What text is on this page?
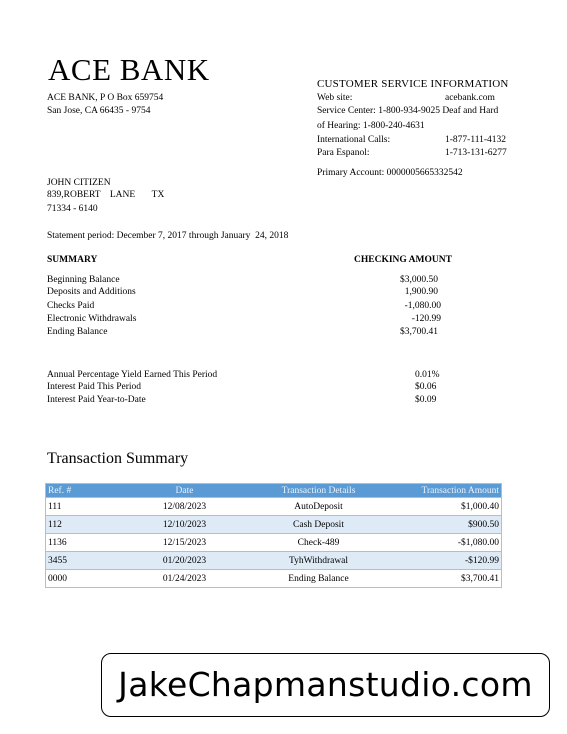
ACE BANK
ACE BANK, P O Box 659754
San Jose, CA 66435 - 9754
CUSTOMER SERVICE INFORMATION
Web site:	acebank.com
Service Center: 1-800-934-9025 Deaf and Hard
of Hearing: 1-800-240-4631
International Calls:	1-877-111-4132
Para Espanol:	1-713-131-6277
Primary Account: 0000005665332542
JOHN CITIZEN
839,ROBERT    LANE       TX
71334 - 6140
Statement period: December 7, 2017 through January  24, 2018
SUMMARY	CHECKING AMOUNT
Beginning Balance	$3,000.50
Deposits and Additions	1,900.90
Checks Paid	-1,080.00
Electronic Withdrawals	-120.99
Ending Balance	$3,700.41
Annual Percentage Yield Earned This Period	0.01%
Interest Paid This Period	$0.06
Interest Paid Year-to-Date	$0.09
Transaction Summary
Ref. #	Date	Transaction Details	Transaction Amount
111	12/08/2023	AutoDeposit	$1,000.40
112	12/10/2023	Cash Deposit	$900.50
1136	12/15/2023	Check-489	-$1,080.00
3455	01/20/2023	TyhWithdrawal	-$120.99
0000	01/24/2023	Ending Balance	$3,700.41
JakeChapmanstudio.com
